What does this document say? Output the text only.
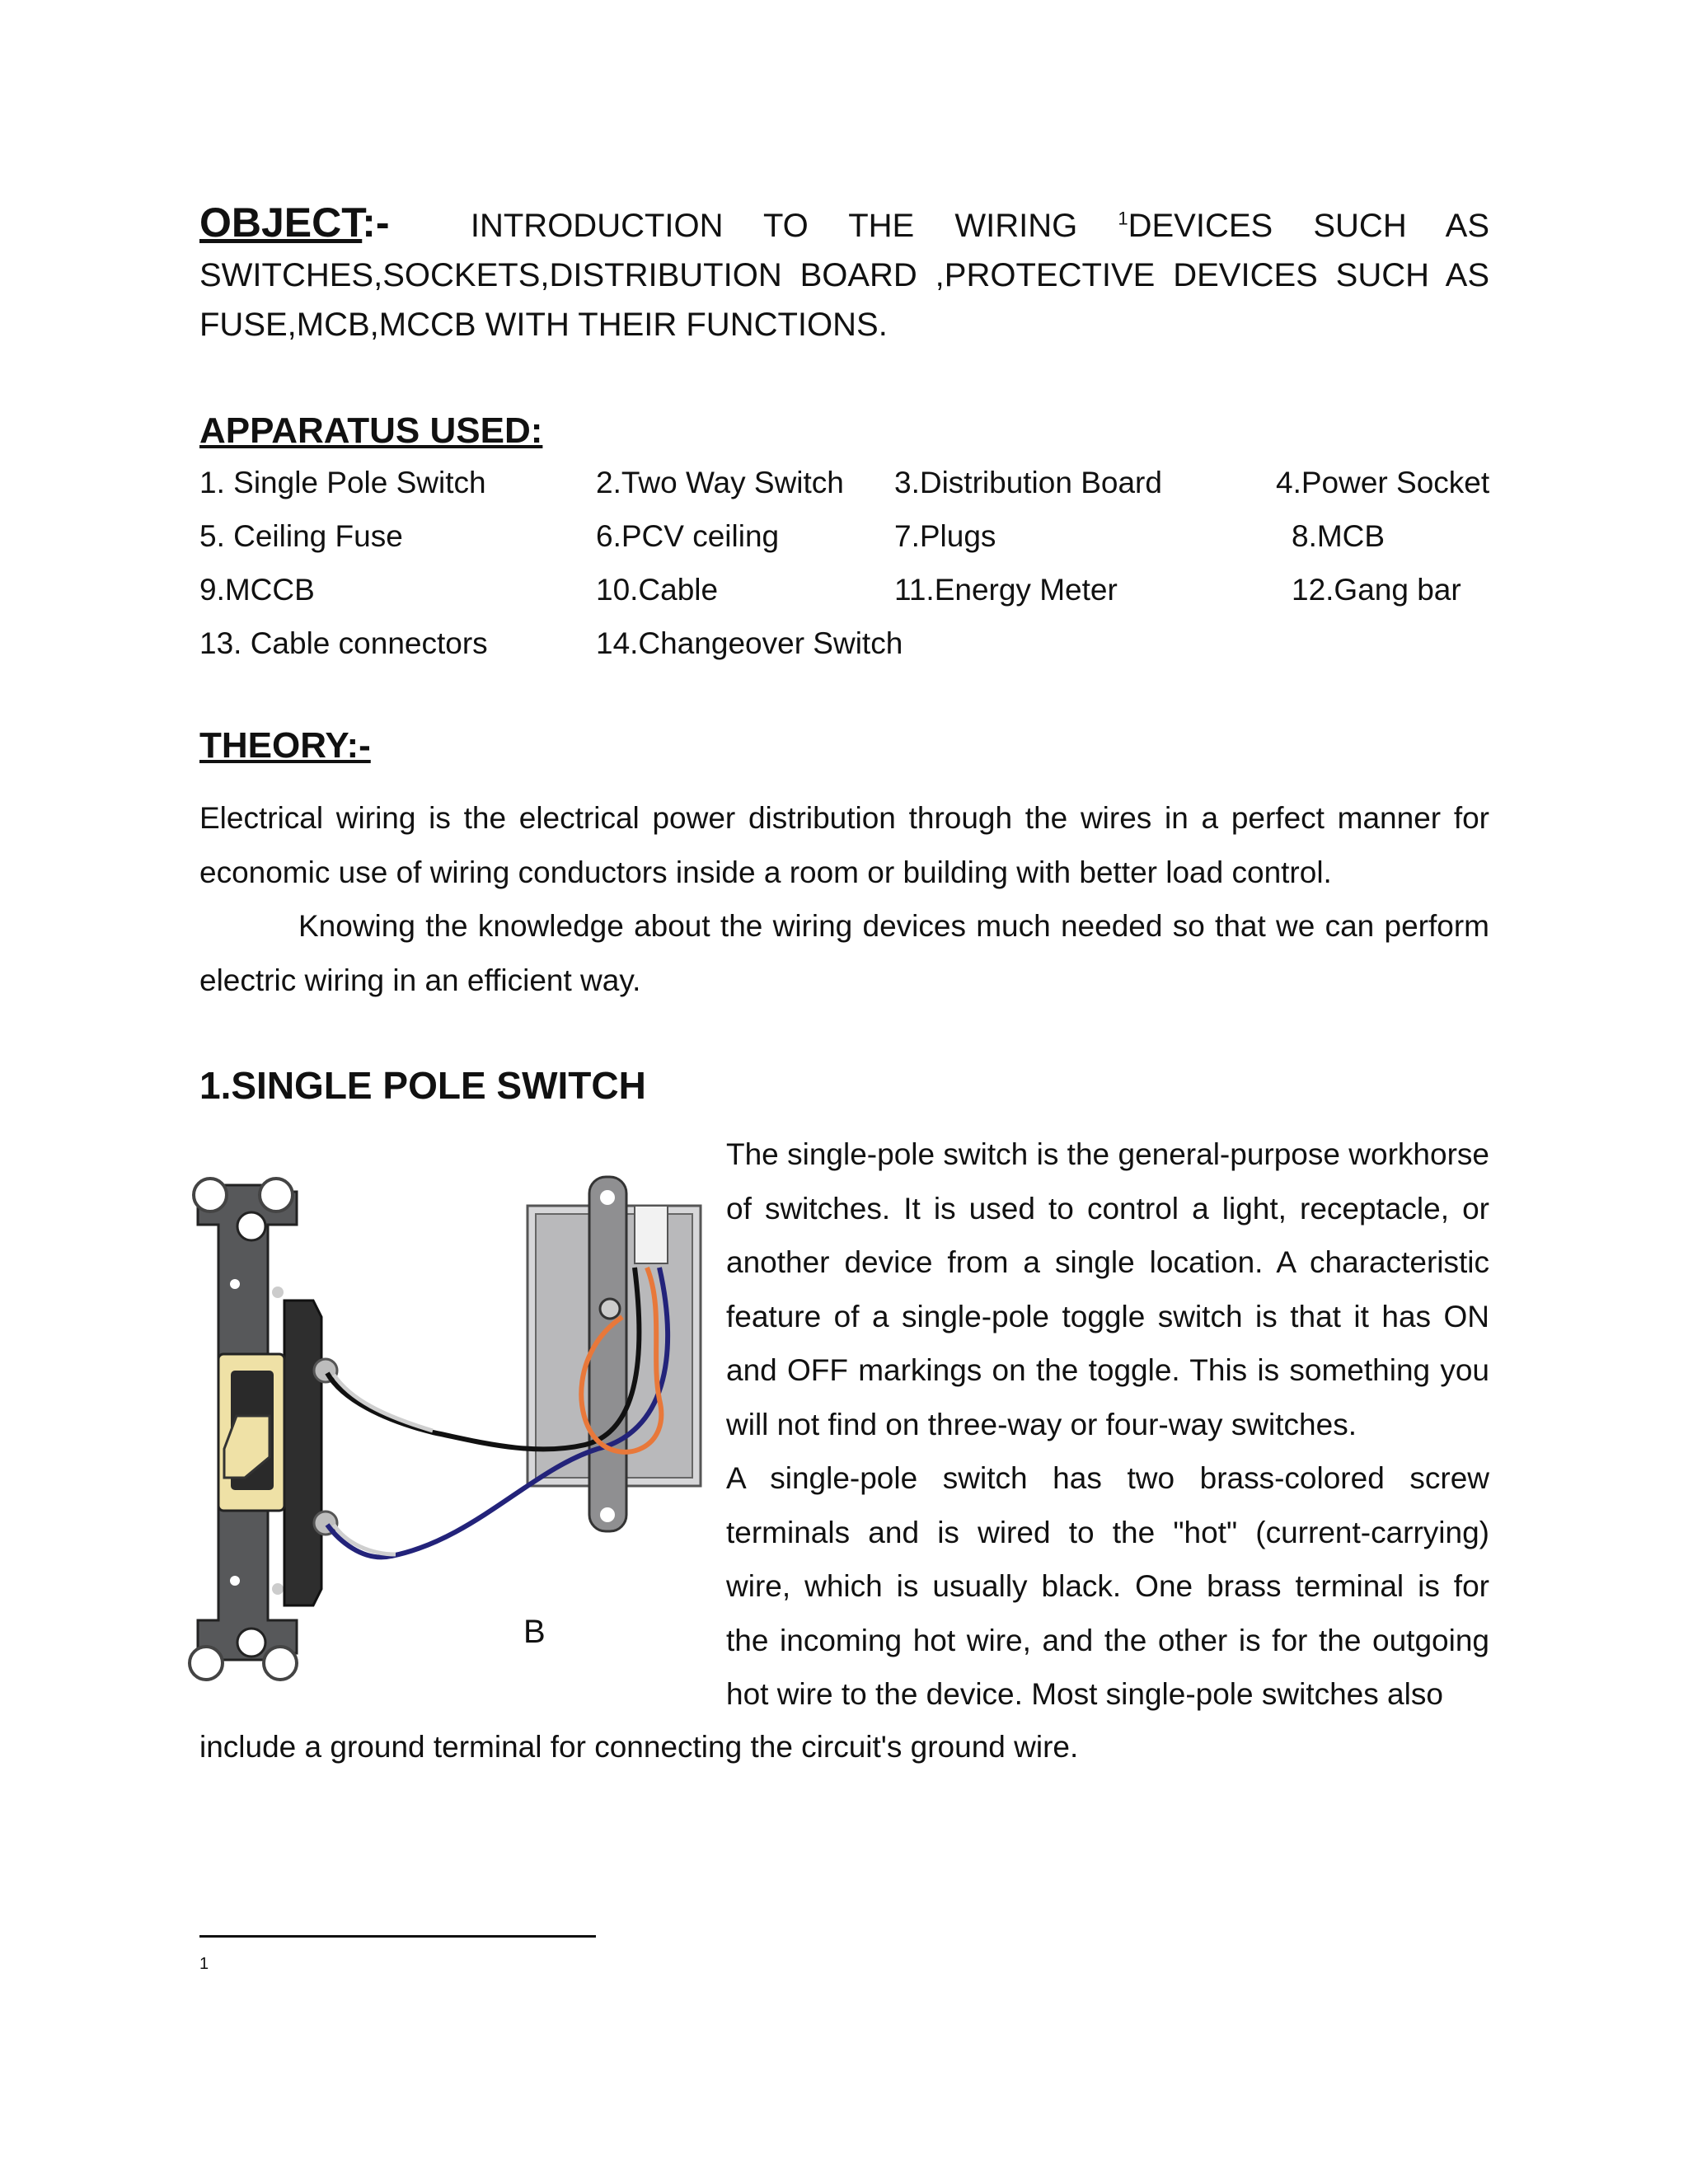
OBJECT:- INTRODUCTION TO THE WIRING $^1$DEVICES SUCH AS SWITCHES,SOCKETS,DISTRIBUTION BOARD ,PROTECTIVE DEVICES SUCH AS FUSE,MCB,MCCB WITH THEIR FUNCTIONS.
APPARATUS USED:
1. Single Pole Switch	2.Two Way Switch 3.Distribution Board	4.Power Socket
5. Ceiling Fuse	6.PCV ceiling	7.Plugs	8.MCB
9.MCCB	10.Cable	11.Energy Meter	12.Gang bar
13. Cable connectors	14.Changeover Switch
THEORY:-

Electrical wiring is the electrical power distribution through the wires in a perfect manner for economic use of wiring conductors inside a room or building with better load control.
Knowing the knowledge about the wiring devices much needed so that we can perform electric wiring in an efficient way.

1.SINGLE POLE SWITCH

The single-pole switch is the general-purpose workhorse of switches. It is used to control a light, receptacle, or another device from a single location. A characteristic feature of a single-pole toggle switch is that it has ON and OFF markings on the toggle. This is something you will not find on three-way or four-way switches.
A single-pole switch has two brass-colored screw terminals and is wired to the "hot" (current-carrying) wire, which is usually black. One brass terminal is for the incoming hot wire, and the other is for the outgoing hot wire to the device. Most single-pole switches also

include a ground terminal for connecting the circuit's ground wire.

B
1
